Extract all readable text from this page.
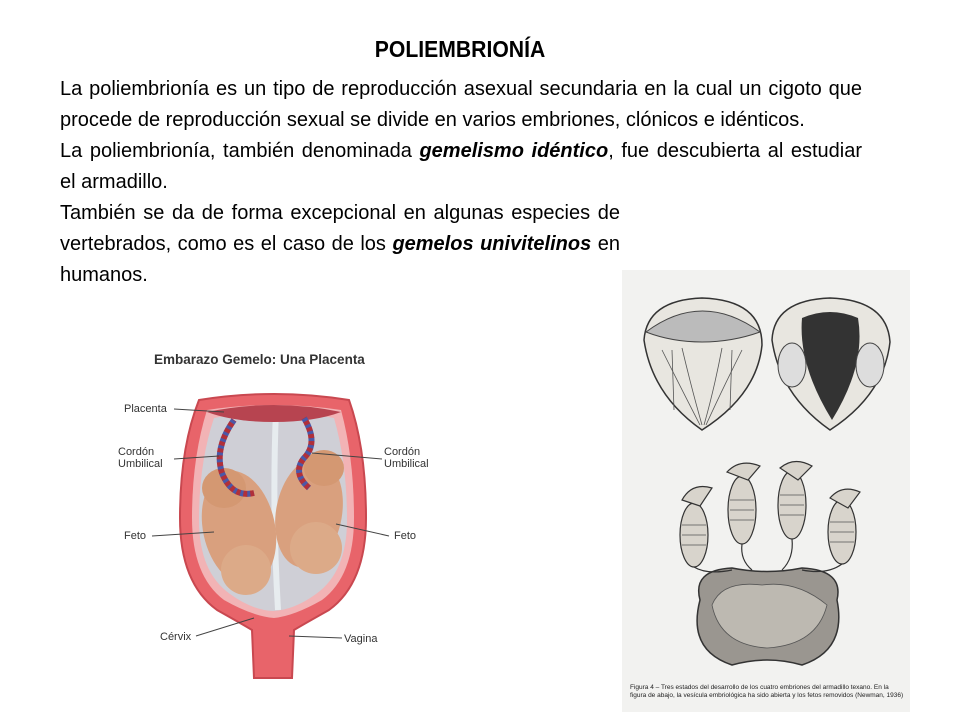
POLIEMBRIONÍA

La poliembrionía es un tipo de reproducción asexual secundaria en la cual un cigoto que procede de reproducción sexual se divide en varios embriones, clónicos e idénticos.

La poliembrionía, también denominada gemelismo idéntico, fue descubierta al estudiar el armadillo.

También se da de forma excepcional en algunas especies de vertebrados, como es el caso de los gemelos univitelinos en humanos.

Embarazo Gemelo: Una Placenta
Placenta
Cordón
Umbilical
Cordón
Umbilical
Feto	Feto
Cérvix	Vagina
Figura 4 – Tres estados del desarrollo de los cuatro embriones del armadillo texano. En la figura de abajo, la vesícula embriológica ha sido abierta y los fetos removidos (Newman, 1936)
